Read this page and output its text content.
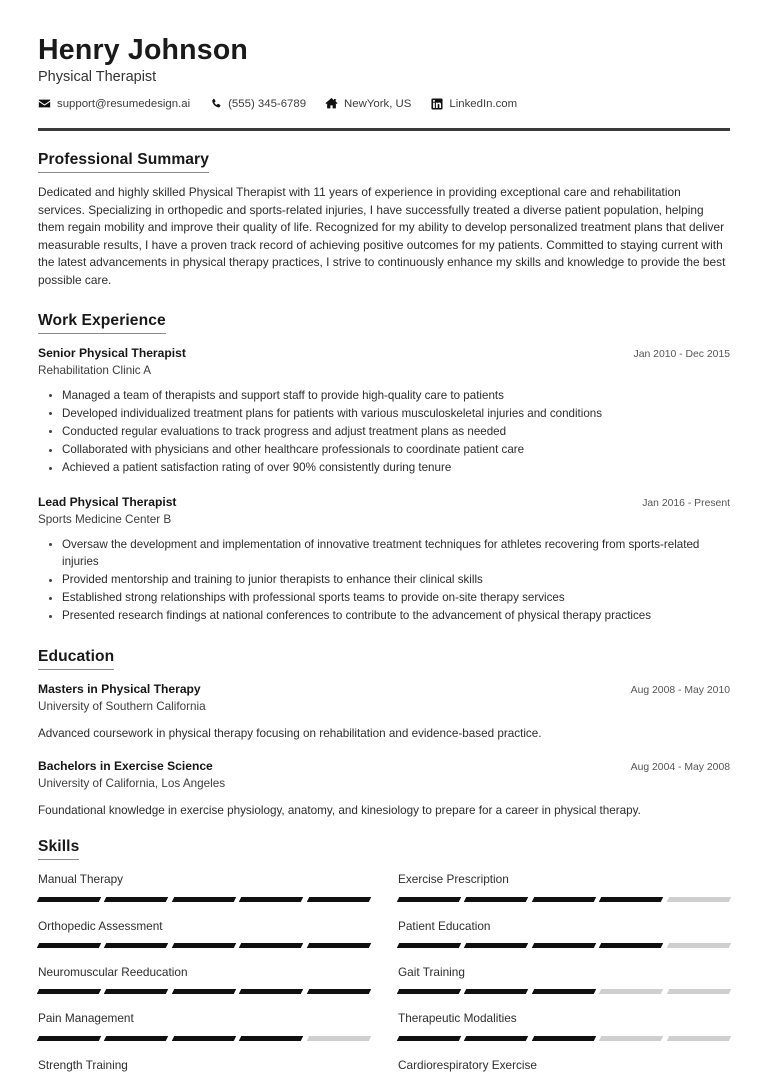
Henry Johnson
Physical Therapist
support@resumedesign.ai	(555) 345-6789	NewYork, US	LinkedIn.com
Professional Summary

Dedicated and highly skilled Physical Therapist with 11 years of experience in providing exceptional care and rehabilitation services. Specializing in orthopedic and sports-related injuries, I have successfully treated a diverse patient population, helping them regain mobility and improve their quality of life. Recognized for my ability to develop personalized treatment plans that deliver measurable results, I have a proven track record of achieving positive outcomes for my patients. Committed to staying current with the latest advancements in physical therapy practices, I strive to continuously enhance my skills and knowledge to provide the best possible care.

Work Experience
Senior Physical Therapist	Jan 2010 - Dec 2015
Rehabilitation Clinic A
Managed a team of therapists and support staff to provide high-quality care to patients
Developed individualized treatment plans for patients with various musculoskeletal injuries and conditions
Conducted regular evaluations to track progress and adjust treatment plans as needed
Collaborated with physicians and other healthcare professionals to coordinate patient care
Achieved a patient satisfaction rating of over 90% consistently during tenure
Lead Physical Therapist	Jan 2016 - Present
Sports Medicine Center B
Oversaw the development and implementation of innovative treatment techniques for athletes recovering from sports-related injuries
Provided mentorship and training to junior therapists to enhance their clinical skills
Established strong relationships with professional sports teams to provide on-site therapy services
Presented research findings at national conferences to contribute to the advancement of physical therapy practices
Education
Masters in Physical Therapy	Aug 2008 - May 2010
University of Southern California
Advanced coursework in physical therapy focusing on rehabilitation and evidence-based practice.
Bachelors in Exercise Science	Aug 2004 - May 2008
University of California, Los Angeles
Foundational knowledge in exercise physiology, anatomy, and kinesiology to prepare for a career in physical therapy.
Skills
Manual Therapy	Exercise Prescription
Orthopedic Assessment	Patient Education
Neuromuscular Reeducation	Gait Training
Pain Management	Therapeutic Modalities
Strength Training	Cardiorespiratory Exercise
